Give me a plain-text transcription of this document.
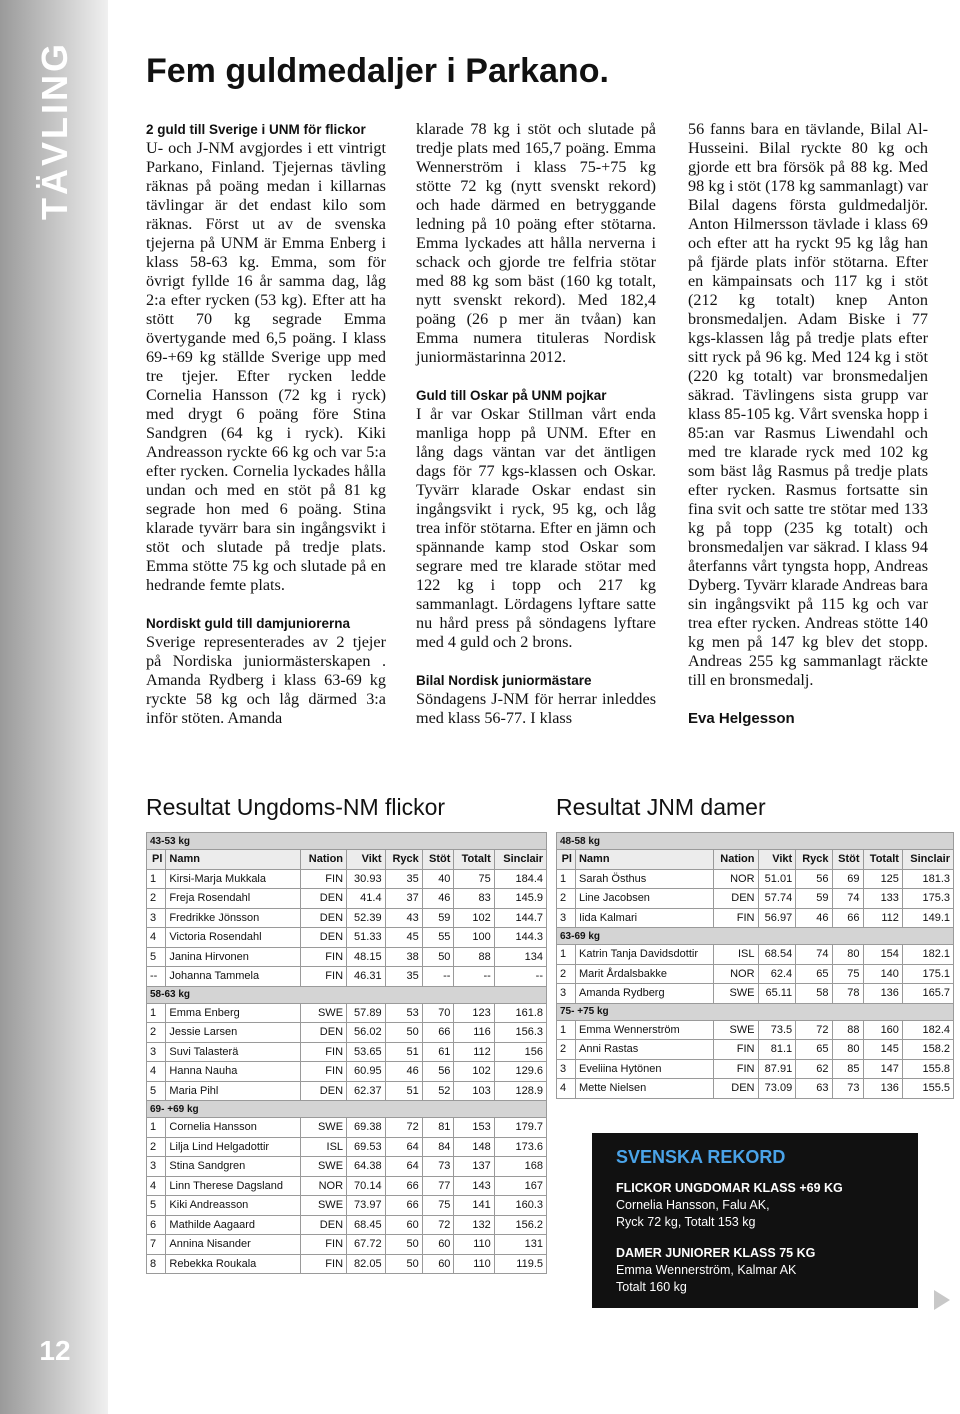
TÄVLING
12
Fem guldmedaljer i Parkano.
2 guld till Sverige i UNM för flickor

U- och J-NM avgjordes i ett vintrigt Parkano, Finland. Tjejernas tävling räknas på poäng medan i killarnas tävlingar är det endast kilo som räknas. Först ut av de svenska tjejerna på UNM är Emma Enberg i klass 58-63 kg. Emma, som för övrigt fyllde 16 år samma dag, låg 2:a efter rycken (53 kg). Efter att ha stött 70 kg segrade Emma övertygande med 6,5 poäng. I klass 69-+69 kg ställde Sverige upp med tre tjejer. Efter rycken ledde Cornelia Hansson (72 kg i ryck) med drygt 6 poäng före Stina Sandgren (64 kg i ryck). Kiki Andreasson ryckte 66 kg och var 5:a efter rycken. Cornelia lyckades hålla undan och med en stöt på 81 kg segrade hon med 6 poäng. Stina klarade tyvärr bara sin ingångsvikt i stöt och slutade på tredje plats. Emma stötte 75 kg och slutade på en hedrande femte plats.

Nordiskt guld till damjuniorerna

Sverige representerades av 2 tjejer på Nordiska juniormästerskapen . Amanda Rydberg i klass 63-69 kg ryckte 58 kg och låg därmed 3:a inför stöten. Amanda

klarade 78 kg i stöt och slutade på tredje plats med 165,7 poäng. Emma Wennerström i klass 75-+75 kg stötte 72 kg (nytt svenskt rekord) och hade därmed en betryggande ledning på 10 poäng efter stötarna. Emma lyckades att hålla nerverna i schack och gjorde tre felfria stötar med 88 kg som bäst (160 kg totalt, nytt svenskt rekord). Med 182,4 poäng (26 p mer än tvåan) kan Emma numera tituleras Nordisk juniormästarinna 2012.

Guld till Oskar på UNM pojkar

I år var Oskar Stillman vårt enda manliga hopp på UNM. Efter en lång dags väntan var det äntligen dags för 77 kgs-klassen och Oskar. Tyvärr klarade Oskar endast sin ingångsvikt i ryck, 95 kg, och låg trea inför stötarna. Efter en jämn och spännande kamp stod Oskar som segrare med tre klarade stötar med 122 kg i topp och 217 kg sammanlagt. Lördagens lyftare satte nu hård press på söndagens lyftare med 4 guld och 2 brons.

Bilal Nordisk juniormästare

Söndagens J-NM för herrar inleddes med klass 56-77. I klass

56 fanns bara en tävlande, Bilal Al-Husseini. Bilal ryckte 80 kg och gjorde ett bra försök på 88 kg. Med 98 kg i stöt (178 kg sammanlagt) var Bilal dagens första guldmedaljör. Anton Hilmersson tävlade i klass 69 och efter att ha ryckt 95 kg låg han på fjärde plats inför stötarna. Efter en kämpainsats och 117 kg i stöt (212 kg totalt) knep Anton bronsmedaljen. Adam Biske i 77 kgs-klassen låg på tredje plats efter sitt ryck på 96 kg. Med 124 kg i stöt (220 kg totalt) var bronsmedaljen säkrad. Tävlingens sista grupp var klass 85-105 kg. Vårt svenska hopp i 85:an var Rasmus Liwendahl och med tre klarade ryck med 102 kg som bäst låg Rasmus på tredje plats efter rycken. Rasmus fortsatte sin fina svit och satte tre stötar med 133 kg på topp (235 kg totalt) och bronsmedaljen var säkrad. I klass 94 återfanns vårt tyngsta hopp, Andreas Dyberg. Tyvärr klarade Andreas bara sin ingångsvikt på 115 kg och var trea efter rycken. Andreas stötte 140 kg men på 147 kg blev det stopp. Andreas 255 kg sammanlagt räckte till en bronsmedalj.

Eva Helgesson
Resultat Ungdoms-NM flickor	Resultat JNM damer
43-53 kg							
Pl	Namn	Nation	Vikt	Ryck	Stöt	Totalt	Sinclair
1	Kirsi-Marja Mukkala	FIN	30.93	35	40	75	184.4
2	Freja Rosendahl	DEN	41.4	37	46	83	145.9
3	Fredrikke Jönsson	DEN	52.39	43	59	102	144.7
4	Victoria Rosendahl	DEN	51.33	45	55	100	144.3
5	Janina Hirvonen	FIN	48.15	38	50	88	134
--	Johanna Tammela	FIN	46.31	35	--	--	--
58-63 kg							
1	Emma Enberg	SWE	57.89	53	70	123	161.8
2	Jessie Larsen	DEN	56.02	50	66	116	156.3
3	Suvi Talasterä	FIN	53.65	51	61	112	156
4	Hanna Nauha	FIN	60.95	46	56	102	129.6
5	Maria Pihl	DEN	62.37	51	52	103	128.9
69- +69 kg							
1	Cornelia Hansson	SWE	69.38	72	81	153	179.7
2	Lilja Lind Helgadottir	ISL	69.53	64	84	148	173.6
3	Stina Sandgren	SWE	64.38	64	73	137	168
4	Linn Therese Dagsland	NOR	70.14	66	77	143	167
5	Kiki Andreasson	SWE	73.97	66	75	141	160.3
6	Mathilde Aagaard	DEN	68.45	60	72	132	156.2
7	Annina Nisander	FIN	67.72	50	60	110	131
8	Rebekka Roukala	FIN	82.05	50	60	110	119.5
48-58 kg							
Pl	Namn	Nation	Vikt	Ryck	Stöt	Totalt	Sinclair
1	Sarah Östhus	NOR	51.01	56	69	125	181.3
2	Line Jacobsen	DEN	57.74	59	74	133	175.3
3	Iida Kalmari	FIN	56.97	46	66	112	149.1
63-69 kg							
1	Katrin Tanja Davidsdottir	ISL	68.54	74	80	154	182.1
2	Marit Årdalsbakke	NOR	62.4	65	75	140	175.1
3	Amanda Rydberg	SWE	65.11	58	78	136	165.7
75- +75 kg							
1	Emma Wennerström	SWE	73.5	72	88	160	182.4
2	Anni Rastas	FIN	81.1	65	80	145	158.2
3	Eveliina Hytönen	FIN	87.91	62	85	147	155.8
4	Mette Nielsen	DEN	73.09	63	73	136	155.5
SVENSKA REKORD
FLICKOR UNGDOMAR KLASS +69 KG
Cornelia Hansson, Falu AK,
Ryck 72 kg, Totalt 153 kg
DAMER JUNIORER KLASS 75 KG
Emma Wennerström, Kalmar AK
Totalt 160 kg
